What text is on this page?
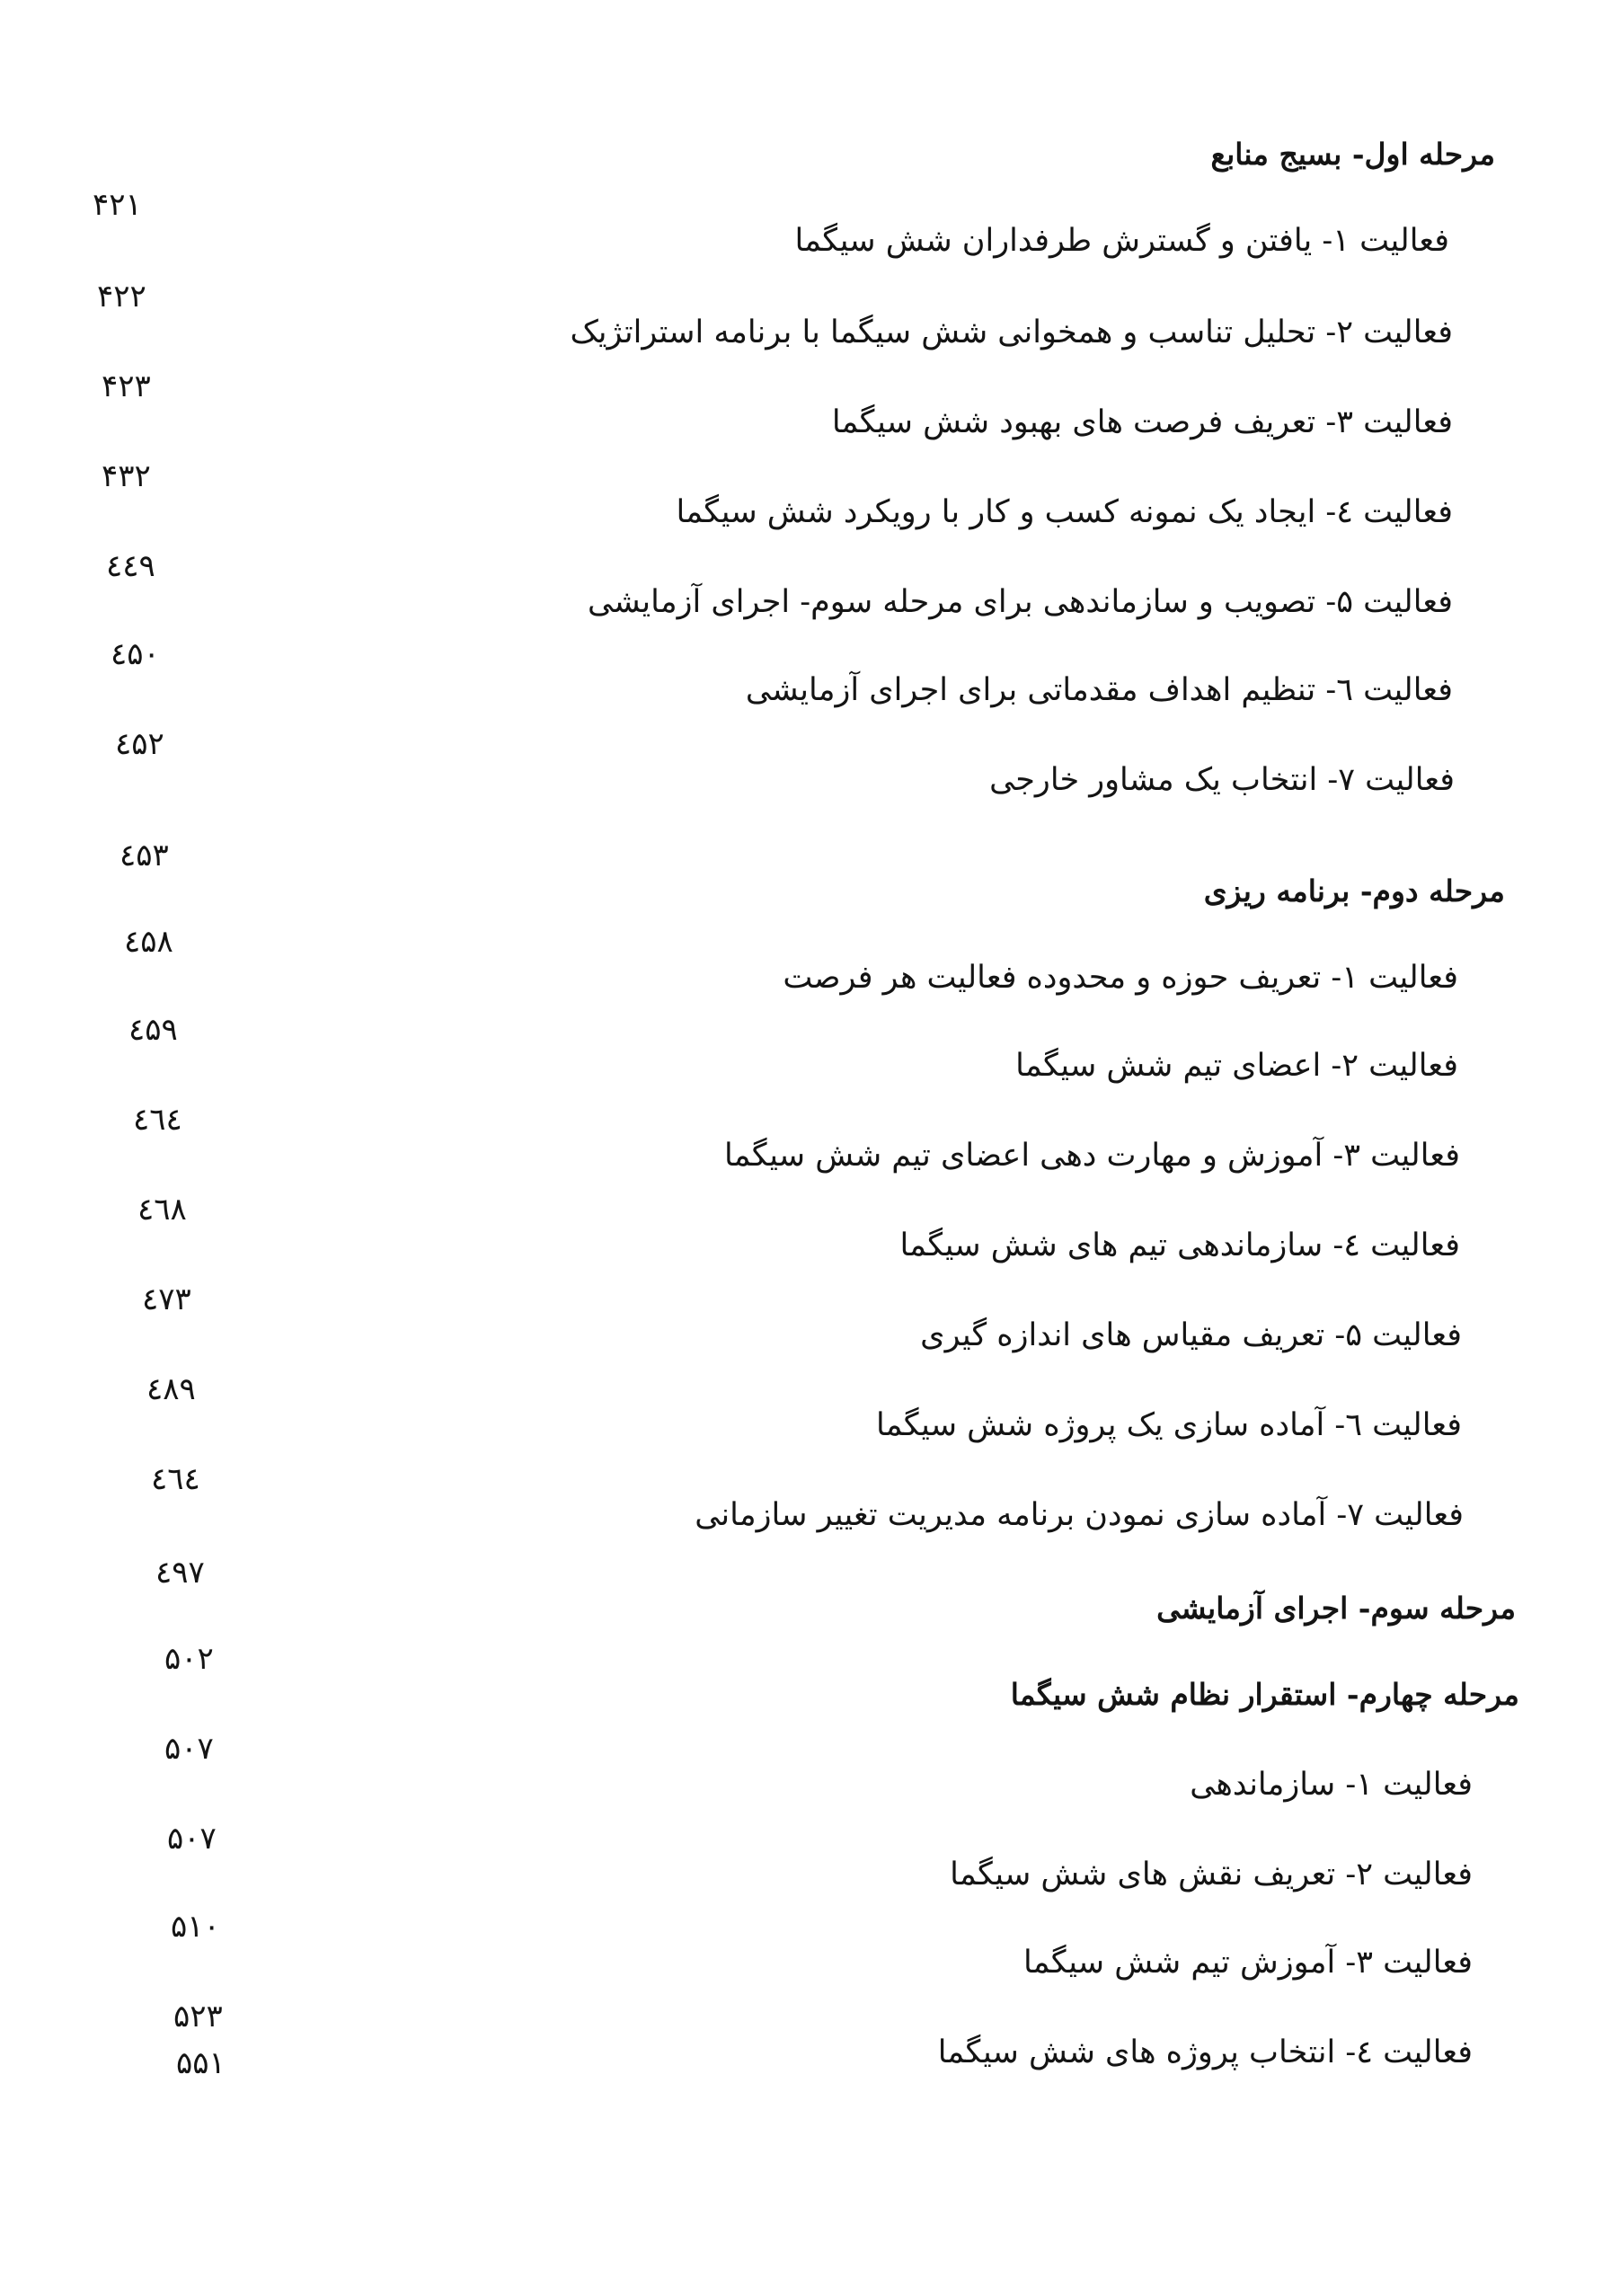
مرحله اول- بسیج منابع
فعالیت ۱- یافتن و گسترش طرفداران شش سیگما
۴۲۱
فعالیت ۲- تحلیل تناسب و همخوانی شش سیگما با برنامه استراتژیک
۴۲۲
فعالیت ۳- تعریف فرصت های بهبود شش سیگما
۴۲۳
فعالیت ٤- ایجاد یک نمونه کسب و کار با رویکرد شش سیگما
۴۳۲
فعالیت ۵- تصویب و سازماندهی برای مرحله سوم- اجرای آزمایشی
٤٤۹
فعالیت ٦- تنظیم اهداف مقدماتی برای اجرای آزمایشی
٤۵۰
فعالیت ۷- انتخاب یک مشاور خارجی
٤۵۲
مرحله دوم- برنامه ریزی
٤۵۳
فعالیت ۱- تعریف حوزه و محدوده فعالیت هر فرصت
٤۵۸
فعالیت ۲- اعضای تیم شش سیگما
٤۵۹
فعالیت ۳- آموزش و مهارت دهی اعضای تیم شش سیگما
٤٦٤
فعالیت ٤- سازماندهی تیم های شش سیگما
٤٦۸
فعالیت ۵- تعریف مقیاس های اندازه گیری
٤۷۳
فعالیت ٦- آماده سازی یک پروژه شش سیگما
٤۸۹
فعالیت ۷- آماده سازی نمودن برنامه مدیریت تغییر سازمانی
٤٦٤
مرحله سوم- اجرای آزمایشی
٤۹۷
مرحله چهارم- استقرار نظام شش سیگما
۵۰۲
فعالیت ۱- سازماندهی
۵۰۷
فعالیت ۲- تعریف نقش های شش سیگما
۵۰۷
فعالیت ۳- آموزش تیم شش سیگما
۵۱۰
فعالیت ٤- انتخاب پروژه های شش سیگما
۵۲۳
۵۵۱
